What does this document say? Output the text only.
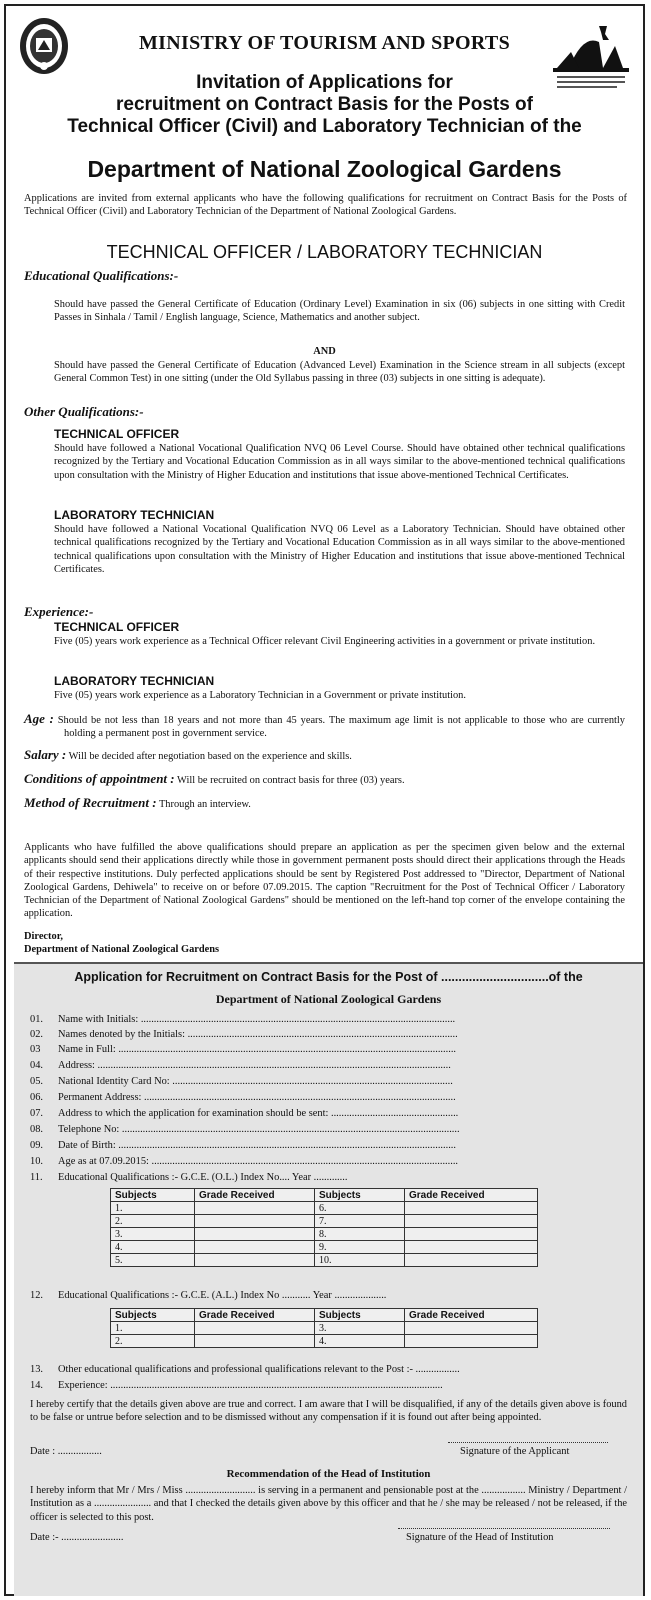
MINISTRY OF TOURISM AND SPORTS
Invitation of Applications for
recruitment on Contract Basis for the Posts of
Technical Officer (Civil) and Laboratory Technician of the
Department of National Zoological Gardens
Applications are invited from external applicants who have the following qualifications for recruitment on Contract Basis for the Posts of Technical Officer (Civil) and Laboratory Technician of the Department of National Zoological Gardens.
TECHNICAL OFFICER / LABORATORY TECHNICIAN
Educational Qualifications:-
Should have passed the General Certificate of Education (Ordinary Level) Examination in six (06) subjects in one sitting with Credit Passes in Sinhala / Tamil / English language, Science, Mathematics and another subject.
AND
Should have passed the General Certificate of Education (Advanced Level) Examination in the Science stream in all subjects (except General Common Test) in one sitting (under the Old Syllabus passing in three (03) subjects in one sitting is adequate).
Other Qualifications:-
TECHNICAL OFFICER
Should have followed a National Vocational Qualification NVQ 06 Level Course. Should have obtained other technical qualifications recognized by the Tertiary and Vocational Education Commission as in all ways similar to the above-mentioned technical qualifications upon consultation with the Ministry of Higher Education and institutions that issue above-mentioned Technical Certificates.
LABORATORY TECHNICIAN
Should have followed a National Vocational Qualification NVQ 06 Level as a Laboratory Technician. Should have obtained other technical qualifications recognized by the Tertiary and Vocational Education Commission as in all ways similar to the above-mentioned technical qualifications upon consultation with the Ministry of Higher Education and institutions that issue above-mentioned Technical Certificates.
Experience:-
TECHNICAL OFFICER
Five (05) years work experience as a Technical Officer relevant Civil Engineering activities in a government or private institution.
LABORATORY TECHNICIAN
Five (05) years work experience as a Laboratory Technician in a Government or private institution.
Age : Should be not less than 18 years and not more than 45 years. The maximum age limit is not applicable to those who are currently holding a permanent post in government service.
Salary : Will be decided after negotiation based on the experience and skills.
Conditions of appointment : Will be recruited on contract basis for three (03) years.
Method of Recruitment : Through an interview.
Applicants who have fulfilled the above qualifications should prepare an application as per the specimen given below and the external applicants should send their applications directly while those in government permanent posts should direct their applications through the Heads of their respective institutions. Duly perfected applications should be sent by Registered Post addressed to "Director, Department of National Zoological Gardens, Dehiwela" to receive on or before 07.09.2015. The caption "Recruitment for the Post of Technical Officer / Laboratory Technician of the Department of National Zoological Gardens" should be mentioned on the left-hand top corner of the envelope containing the application.
Director,
Department of National Zoological Gardens
Application for Recruitment on Contract Basis for the Post of ...............................of the
Department of National Zoological Gardens
01.	Name with Initials: .........................................................................................................................
02.	Names denoted by the Initials: ........................................................................................................
03	Name in Full: ..................................................................................................................................
04.	Address: ........................................................................................................................................
05.	National Identity Card No: ............................................................................................................
06.	Permanent Address: ........................................................................................................................
07.	Address to which the application for examination should be sent: .................................................
08.	Telephone No: ..................................................................................................................................
09.	Date of Birth: ..................................................................................................................................
10.	Age as at 07.09.2015: ......................................................................................................................
11.	Educational Qualifications :- G.C.E. (O.L.) Index No.... Year .............
Subjects	Grade Received	Subjects	Grade Received
1.		6.	
2.		7.	
3.		8.	
4.		9.	
5.		10.	
12.	Educational Qualifications :- G.C.E. (A.L.) Index No ........... Year ....................
Subjects	Grade Received	Subjects	Grade Received
1.		3.	
2.		4.	
13.	Other educational qualifications and professional qualifications relevant to the Post :- .................
14.	Experience: ................................................................................................................................
I hereby certify that the details given above are true and correct. I am aware that I will be disqualified, if any of the details given above is found to be false or untrue before selection and to be dismissed without any compensation if it is found out after being appointed.
Date : .................	Signature of the Applicant
Recommendation of the Head of Institution
I hereby inform that Mr / Mrs / Miss ........................... is serving in a permanent and pensionable post at the ................. Ministry / Department / Institution as a ...................... and that I checked the details given above by this officer and that he / she may be released / not be released, if the officer is selected to this post.
Date :- ........................	Signature of the Head of Institution
